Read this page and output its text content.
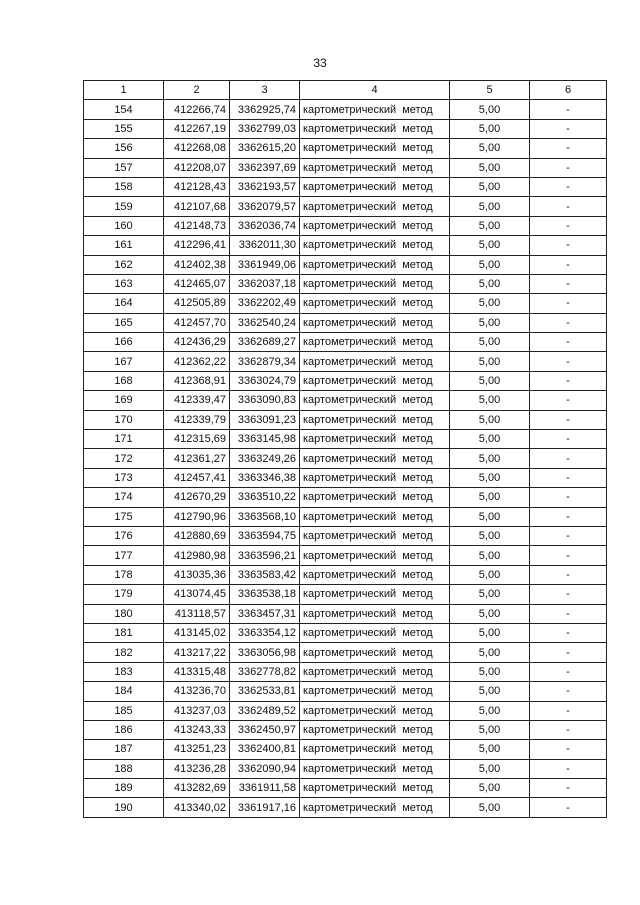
33
1	2	3	4	5	6
154	412266,74	3362925,74	картометрический метод	5,00	-
155	412267,19	3362799,03	картометрический метод	5,00	-
156	412268,08	3362615,20	картометрический метод	5,00	-
157	412208,07	3362397,69	картометрический метод	5,00	-
158	412128,43	3362193,57	картометрический метод	5,00	-
159	412107,68	3362079,57	картометрический метод	5,00	-
160	412148,73	3362036,74	картометрический метод	5,00	-
161	412296,41	3362011,30	картометрический метод	5,00	-
162	412402,38	3361949,06	картометрический метод	5,00	-
163	412465,07	3362037,18	картометрический метод	5,00	-
164	412505,89	3362202,49	картометрический метод	5,00	-
165	412457,70	3362540,24	картометрический метод	5,00	-
166	412436,29	3362689,27	картометрический метод	5,00	-
167	412362,22	3362879,34	картометрический метод	5,00	-
168	412368,91	3363024,79	картометрический метод	5,00	-
169	412339,47	3363090,83	картометрический метод	5,00	-
170	412339,79	3363091,23	картометрический метод	5,00	-
171	412315,69	3363145,98	картометрический метод	5,00	-
172	412361,27	3363249,26	картометрический метод	5,00	-
173	412457,41	3363346,38	картометрический метод	5,00	-
174	412670,29	3363510,22	картометрический метод	5,00	-
175	412790,96	3363568,10	картометрический метод	5,00	-
176	412880,69	3363594,75	картометрический метод	5,00	-
177	412980,98	3363596,21	картометрический метод	5,00	-
178	413035,36	3363583,42	картометрический метод	5,00	-
179	413074,45	3363538,18	картометрический метод	5,00	-
180	413118,57	3363457,31	картометрический метод	5,00	-
181	413145,02	3363354,12	картометрический метод	5,00	-
182	413217,22	3363056,98	картометрический метод	5,00	-
183	413315,48	3362778,82	картометрический метод	5,00	-
184	413236,70	3362533,81	картометрический метод	5,00	-
185	413237,03	3362489,52	картометрический метод	5,00	-
186	413243,33	3362450,97	картометрический метод	5,00	-
187	413251,23	3362400,81	картометрический метод	5,00	-
188	413236,28	3362090,94	картометрический метод	5,00	-
189	413282,69	3361911,58	картометрический метод	5,00	-
190	413340,02	3361917,16	картометрический метод	5,00	-
